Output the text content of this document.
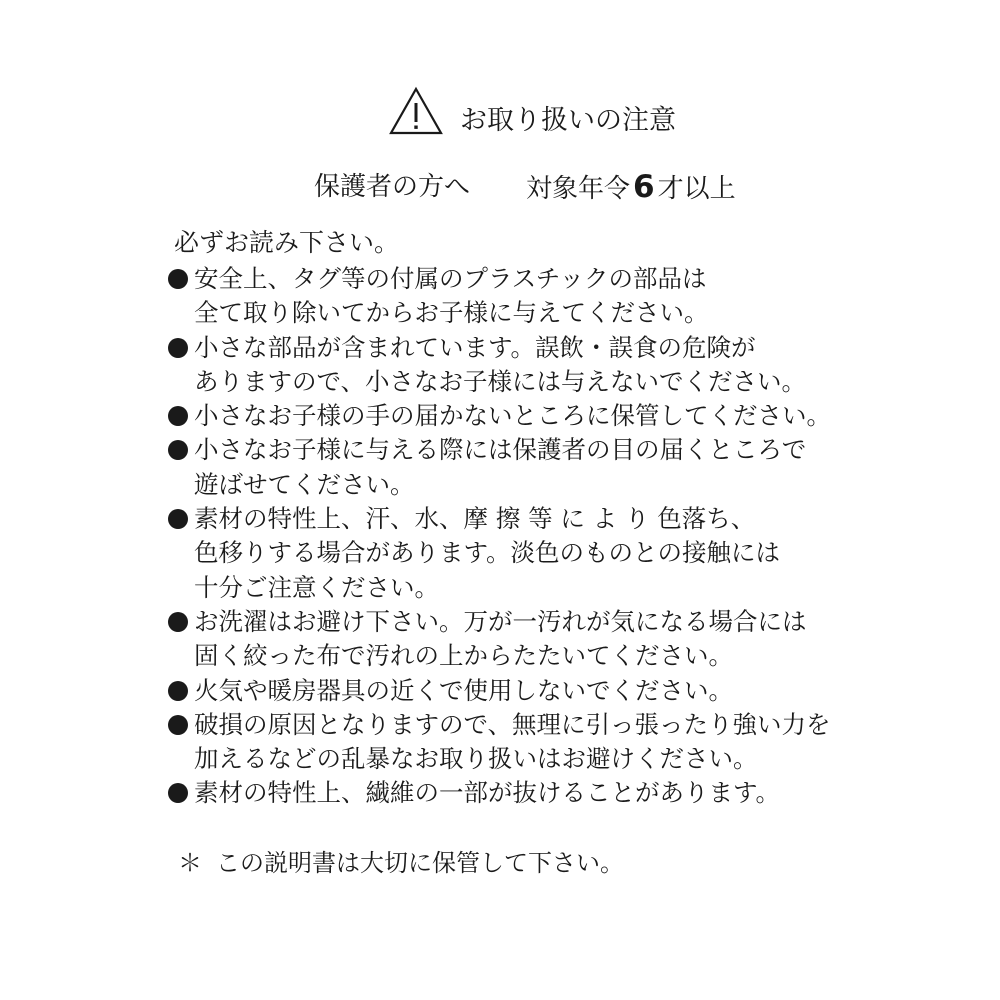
お取り扱いの注意
保護者の方へ 対象年令6 才以上
必ずお読み下さい。
安全上、タグ等の付属のプラスチックの部品は
全て取り除いてからお子様に与えてください。
小さな部品が含まれています。誤飲・誤食の危険が
ありますので、小さなお子様には与えないでください。
小さなお子様の手の届かないところに保管してください。
小さなお子様に与える際には保護者の目の届くところで
遊ばせてください。
素材の特性上、汗、水、摩 擦 等 に よ り 色落ち、
色移りする場合があります。淡色のものとの接触には
十分ご注意ください。
お洗濯はお避け下さい。万が一汚れが気になる場合には
固く絞った布で汚れの上からたたいてください。
火気や暖房器具の近くで使用しないでください。
破損の原因となりますので、無理に引っ張ったり強い力を
加えるなどの乱暴なお取り扱いはお避けください。
素材の特性上、繊維の一部が抜けることがあります。
＊ この説明書は大切に保管して下さい。
